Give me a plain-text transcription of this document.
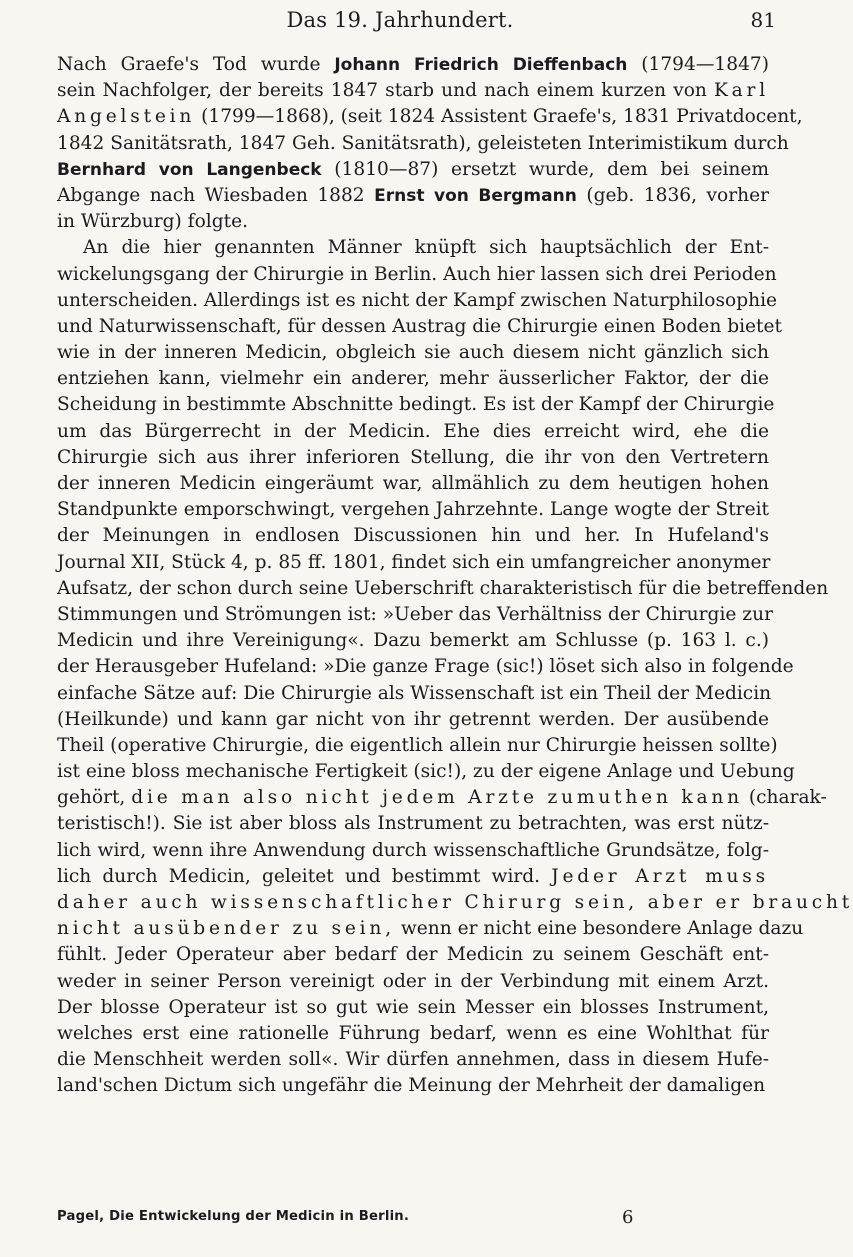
Das 19. Jahrhundert.	81
Nach Graefe's Tod wurde Johann Friedrich Dieffenbach (1794—1847)
sein Nachfolger, der bereits 1847 starb und nach einem kurzen von Karl
Angelstein (1799—1868), (seit 1824 Assistent Graefe's, 1831 Privatdocent,
1842 Sanitätsrath, 1847 Geh. Sanitätsrath), geleisteten Interimistikum durch
Bernhard von Langenbeck (1810—87) ersetzt wurde, dem bei seinem
Abgange nach Wiesbaden 1882 Ernst von Bergmann (geb. 1836, vorher
in Würzburg) folgte.
An die hier genannten Männer knüpft sich hauptsächlich der Ent-
wickelungsgang der Chirurgie in Berlin. Auch hier lassen sich drei Perioden
unterscheiden. Allerdings ist es nicht der Kampf zwischen Naturphilosophie
und Naturwissenschaft, für dessen Austrag die Chirurgie einen Boden bietet
wie in der inneren Medicin, obgleich sie auch diesem nicht gänzlich sich
entziehen kann, vielmehr ein anderer, mehr äusserlicher Faktor, der die
Scheidung in bestimmte Abschnitte bedingt. Es ist der Kampf der Chirurgie
um das Bürgerrecht in der Medicin. Ehe dies erreicht wird, ehe die
Chirurgie sich aus ihrer inferioren Stellung, die ihr von den Vertretern
der inneren Medicin eingeräumt war, allmählich zu dem heutigen hohen
Standpunkte emporschwingt, vergehen Jahrzehnte. Lange wogte der Streit
der Meinungen in endlosen Discussionen hin und her. In Hufeland's
Journal XII, Stück 4, p. 85 ff. 1801, findet sich ein umfangreicher anonymer
Aufsatz, der schon durch seine Ueberschrift charakteristisch für die betreffenden
Stimmungen und Strömungen ist: »Ueber das Verhältniss der Chirurgie zur
Medicin und ihre Vereinigung«. Dazu bemerkt am Schlusse (p. 163 l. c.)
der Herausgeber Hufeland: »Die ganze Frage (sic!) löset sich also in folgende
einfache Sätze auf: Die Chirurgie als Wissenschaft ist ein Theil der Medicin
(Heilkunde) und kann gar nicht von ihr getrennt werden. Der ausübende
Theil (operative Chirurgie, die eigentlich allein nur Chirurgie heissen sollte)
ist eine bloss mechanische Fertigkeit (sic!), zu der eigene Anlage und Uebung
gehört, die man also nicht jedem Arzte zumuthen kann (charak-
teristisch!). Sie ist aber bloss als Instrument zu betrachten, was erst nütz-
lich wird, wenn ihre Anwendung durch wissenschaftliche Grundsätze, folg-
lich durch Medicin, geleitet und bestimmt wird. Jeder Arzt muss
daher auch wissenschaftlicher Chirurg sein, aber er braucht
nicht ausübender zu sein, wenn er nicht eine besondere Anlage dazu
fühlt. Jeder Operateur aber bedarf der Medicin zu seinem Geschäft ent-
weder in seiner Person vereinigt oder in der Verbindung mit einem Arzt.
Der blosse Operateur ist so gut wie sein Messer ein blosses Instrument,
welches erst eine rationelle Führung bedarf, wenn es eine Wohlthat für
die Menschheit werden soll«. Wir dürfen annehmen, dass in diesem Hufe-
land'schen Dictum sich ungefähr die Meinung der Mehrheit der damaligen
Pagel, Die Entwickelung der Medicin in Berlin.	6
